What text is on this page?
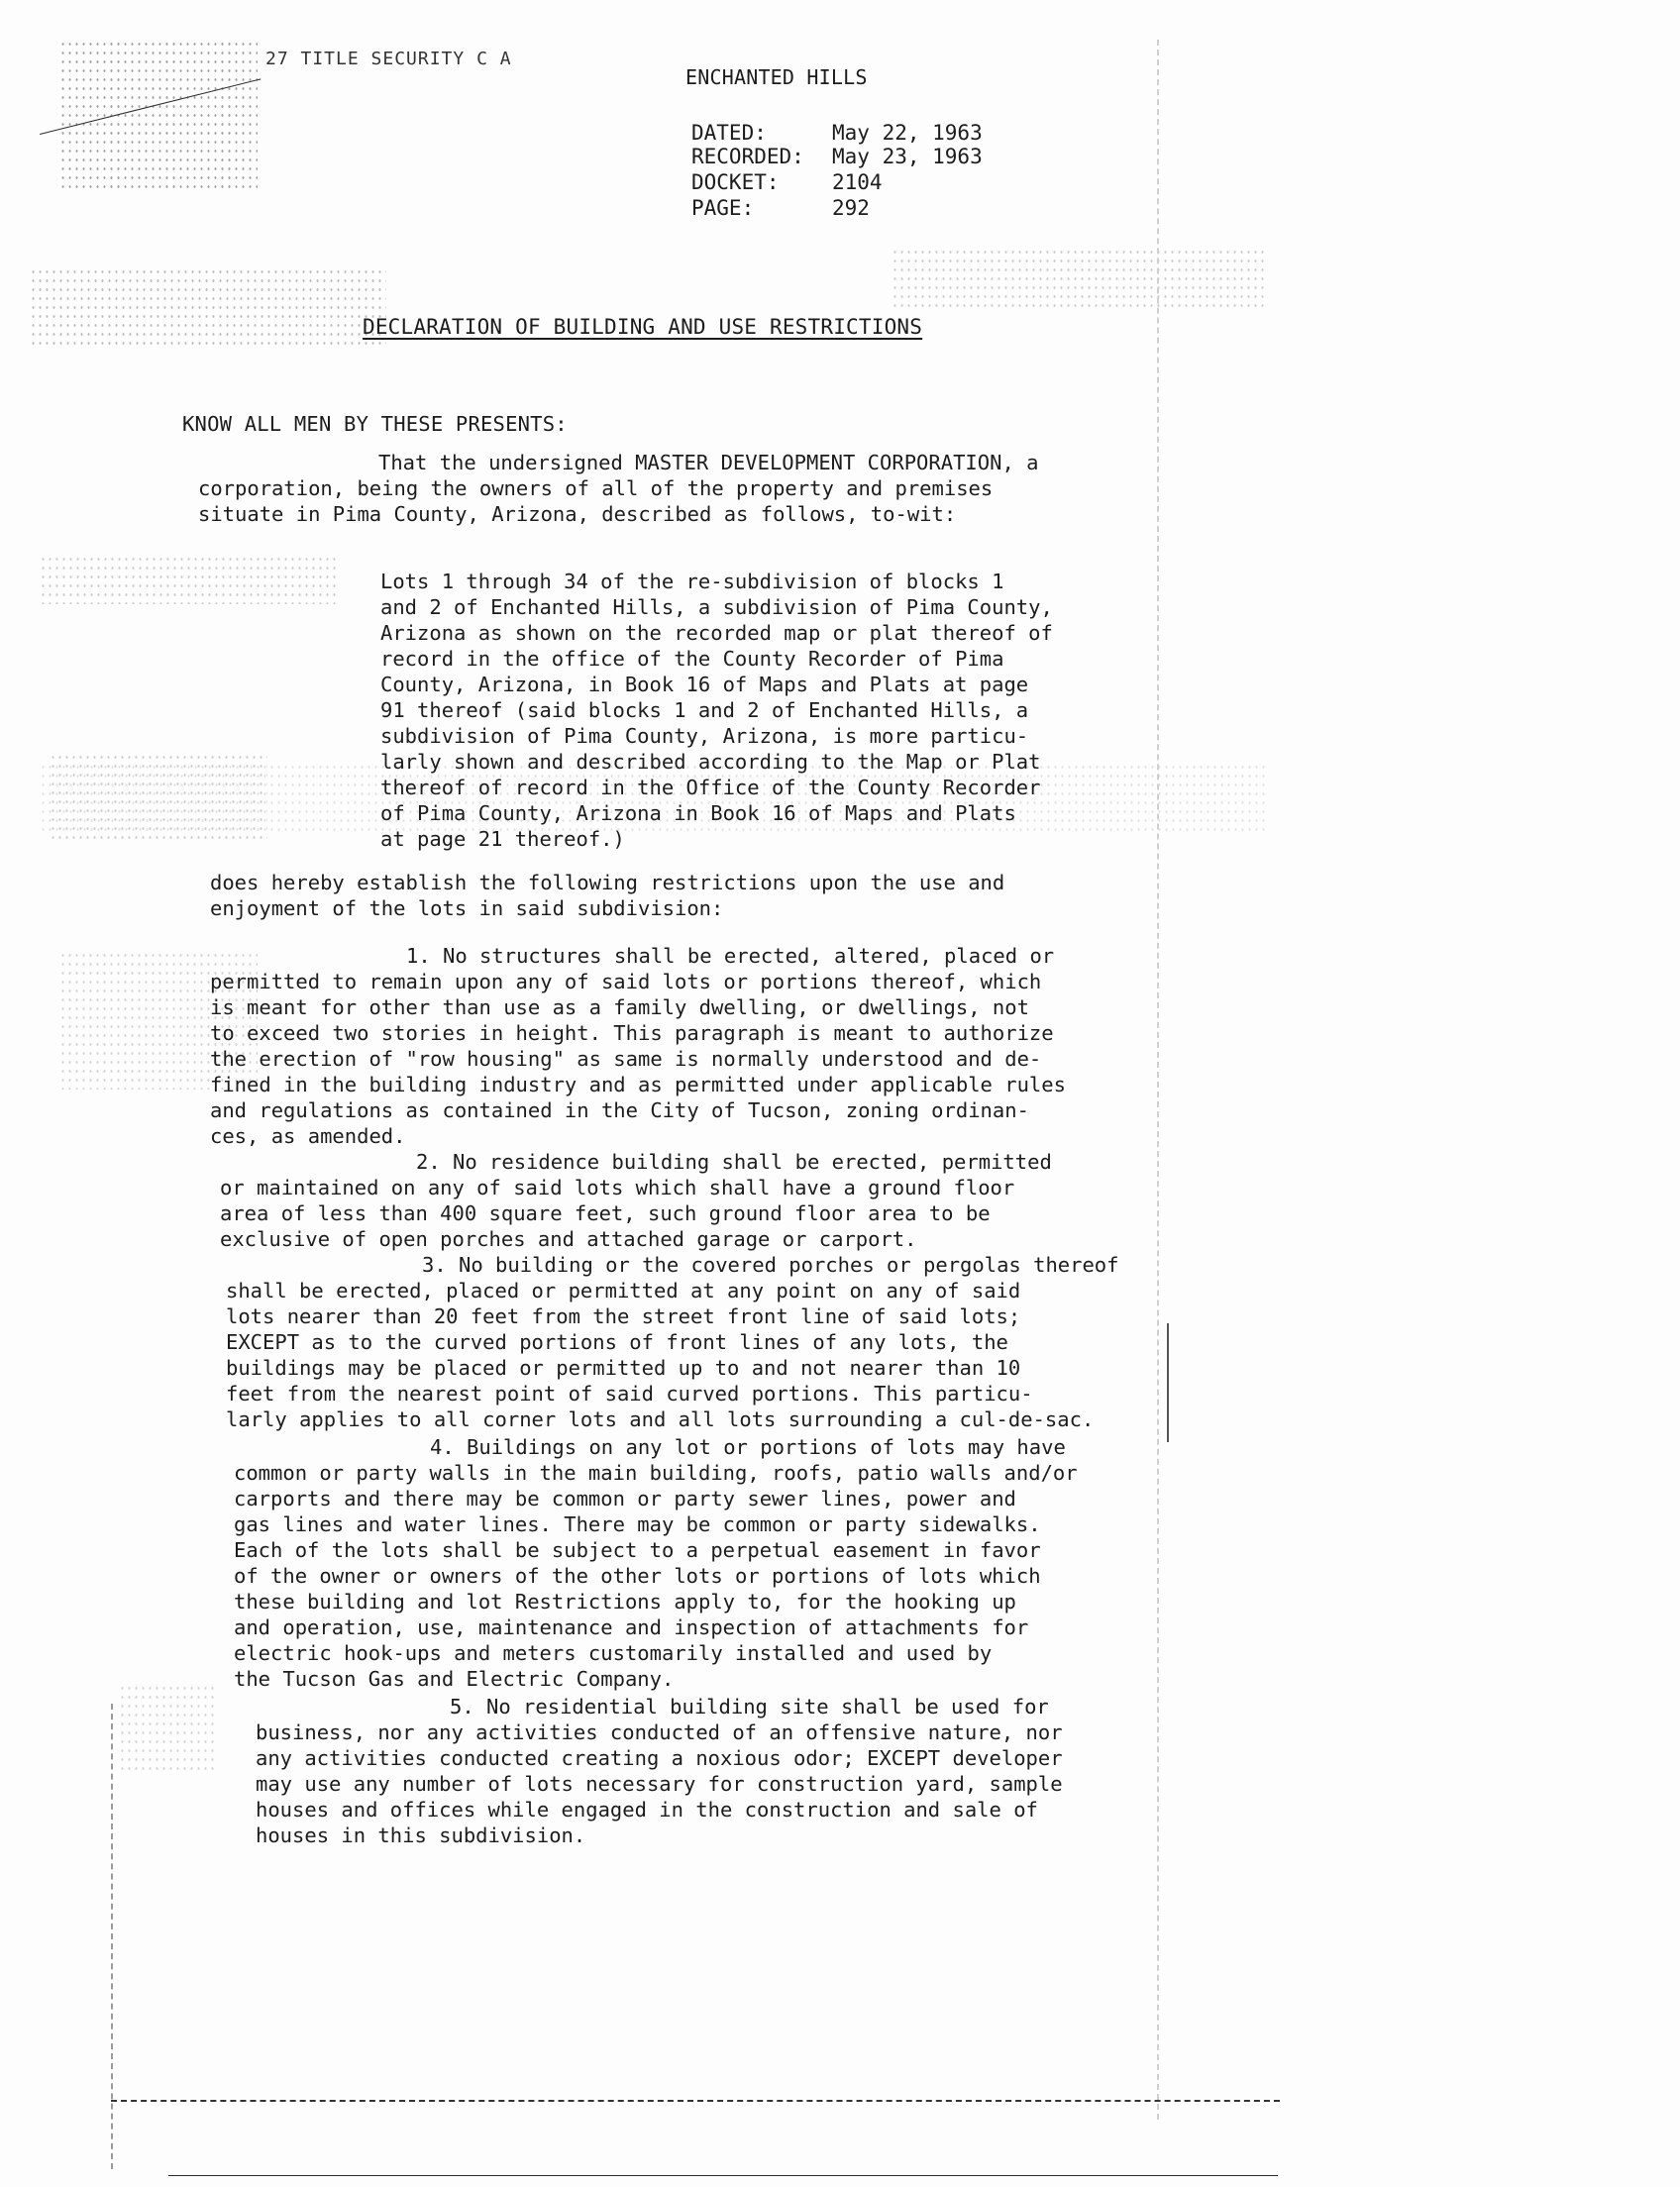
27 TITLE SECURITY C A
ENCHANTED HILLS
DATED:	May 22, 1963
RECORDED: May 23, 1963
DOCKET:	2104
PAGE:	292
DECLARATION OF BUILDING AND USE RESTRICTIONS
KNOW ALL MEN BY THESE PRESENTS:
That the undersigned MASTER DEVELOPMENT CORPORATION, a
corporation, being the owners of all of the property and premises
situate in Pima County, Arizona, described as follows, to-wit:
Lots 1 through 34 of the re-subdivision of blocks 1
and 2 of Enchanted Hills, a subdivision of Pima County,
Arizona as shown on the recorded map or plat thereof of
record in the office of the County Recorder of Pima
County, Arizona, in Book 16 of Maps and Plats at page
91 thereof (said blocks 1 and 2 of Enchanted Hills, a
subdivision of Pima County, Arizona, is more particu-
larly shown and described according to the Map or Plat
thereof of record in the Office of the County Recorder
of Pima County, Arizona in Book 16 of Maps and Plats
at page 21 thereof.)
does hereby establish the following restrictions upon the use and
enjoyment of the lots in said subdivision:
1. No structures shall be erected, altered, placed or
permitted to remain upon any of said lots or portions thereof, which
is meant for other than use as a family dwelling, or dwellings, not
to exceed two stories in height. This paragraph is meant to authorize
the erection of "row housing" as same is normally understood and de-
fined in the building industry and as permitted under applicable rules
and regulations as contained in the City of Tucson, zoning ordinan-
ces, as amended.
2. No residence building shall be erected, permitted
or maintained on any of said lots which shall have a ground floor
area of less than 400 square feet, such ground floor area to be
exclusive of open porches and attached garage or carport.
3. No building or the covered porches or pergolas thereof
shall be erected, placed or permitted at any point on any of said
lots nearer than 20 feet from the street front line of said lots;
EXCEPT as to the curved portions of front lines of any lots, the
buildings may be placed or permitted up to and not nearer than 10
feet from the nearest point of said curved portions. This particu-
larly applies to all corner lots and all lots surrounding a cul-de-sac.
4. Buildings on any lot or portions of lots may have
common or party walls in the main building, roofs, patio walls and/or
carports and there may be common or party sewer lines, power and
gas lines and water lines. There may be common or party sidewalks.
Each of the lots shall be subject to a perpetual easement in favor
of the owner or owners of the other lots or portions of lots which
these building and lot Restrictions apply to, for the hooking up
and operation, use, maintenance and inspection of attachments for
electric hook-ups and meters customarily installed and used by
the Tucson Gas and Electric Company.
5. No residential building site shall be used for
business, nor any activities conducted of an offensive nature, nor
any activities conducted creating a noxious odor; EXCEPT developer
may use any number of lots necessary for construction yard, sample
houses and offices while engaged in the construction and sale of
houses in this subdivision.
